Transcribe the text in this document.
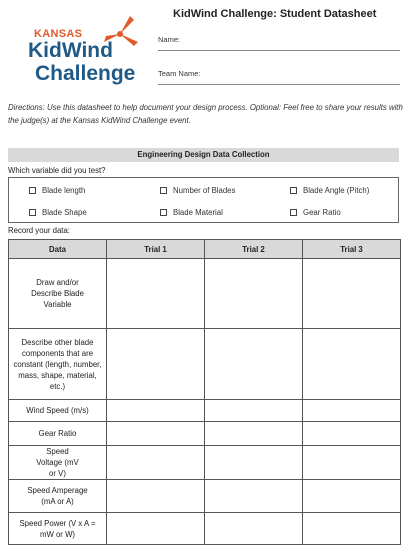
KANSAS
KidWind
Challenge
KidWind Challenge: Student Datasheet
Name:
Team Name:
Directions: Use this datasheet to help document your design process. Optional: Feel free to share your results with the judge(s) at the Kansas KidWind Challenge event.
Engineering Design Data Collection
Which variable did you test?
Blade length	Number of Blades	Blade Angle (Pitch)
Blade Shape	Blade Material	Gear Ratio
Record your data:
Data	Trial 1	Trial 2	Trial 3
Draw and/or Describe Blade Variable			
Describe other blade components that are constant (length, number, mass, shape, material, etc.)			
Wind Speed (m/s)			
Gear Ratio			
Speed Voltage (mV or V)			
Speed Amperage (mA or A)			
Speed Power (V x A = mW or W)			
